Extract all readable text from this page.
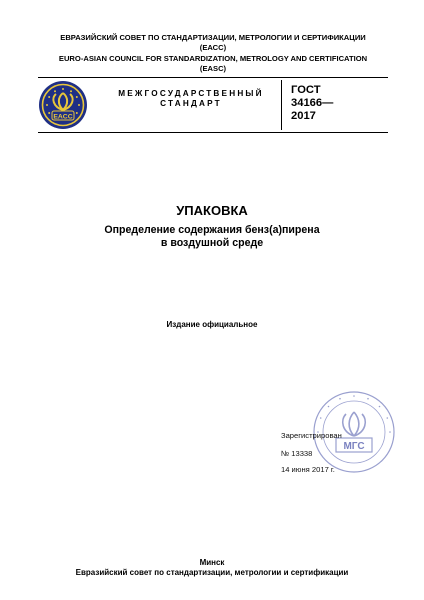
ЕВРАЗИЙСКИЙ СОВЕТ ПО СТАНДАРТИЗАЦИИ, МЕТРОЛОГИИ И СЕРТИФИКАЦИИ
(ЕАСС)
EURO-ASIAN COUNCIL FOR STANDARDIZATION, METROLOGY AND CERTIFICATION
(EASC)
EACC
МЕЖГОСУДАРСТВЕННЫЙ
СТАНДАРТ
ГОСТ
34166—
2017
УПАКОВКА
Определение содержания бенз(а)пирена
в воздушной среде
Издание официальное
МГС
Зарегистрирован
№ 13338
14 июня 2017 г.
Минск
Евразийский совет по стандартизации, метрологии и сертификации
